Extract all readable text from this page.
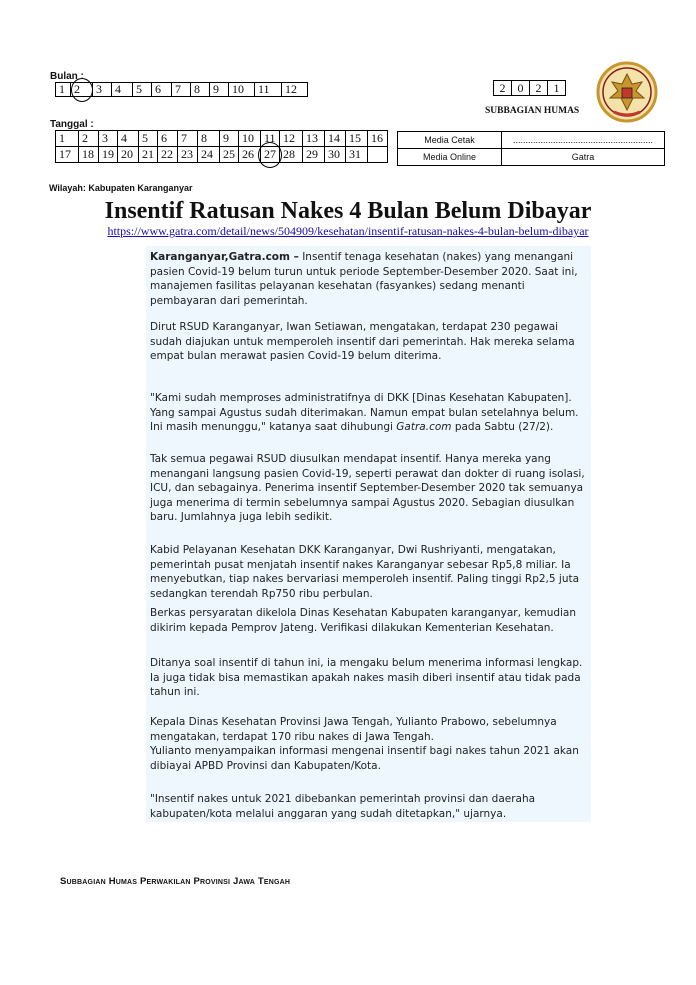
Bulan :
1 2 3 4 5 6 7 8 9 10 11 12
Tanggal :
1	2	3	4	5	6	7	8	9	10	11	12	13	14	15	16
17	18	19	20	21	22	23	24	25	26	27	28	29	30	31	
2	0	2	1
SUBBAGIAN HUMAS
Media Cetak	........................................................
Media Online	Gatra
Wilayah: Kabupaten Karanganyar
Insentif Ratusan Nakes 4 Bulan Belum Dibayar
https://www.gatra.com/detail/news/504909/kesehatan/insentif-ratusan-nakes-4-bulan-belum-dibayar

Karanganyar,Gatra.com – Insentif tenaga kesehatan (nakes) yang menangani pasien Covid-19 belum turun untuk periode September-Desember 2020. Saat ini, manajemen fasilitas pelayanan kesehatan (fasyankes) sedang menanti pembayaran dari pemerintah.

Dirut RSUD Karanganyar, Iwan Setiawan, mengatakan, terdapat 230 pegawai sudah diajukan untuk memperoleh insentif dari pemerintah. Hak mereka selama empat bulan merawat pasien Covid-19 belum diterima.

"Kami sudah memproses administratifnya di DKK [Dinas Kesehatan Kabupaten]. Yang sampai Agustus sudah diterimakan. Namun empat bulan setelahnya belum. Ini masih menunggu," katanya saat dihubungi Gatra.com pada Sabtu (27/2).

Tak semua pegawai RSUD diusulkan mendapat insentif. Hanya mereka yang menangani langsung pasien Covid-19, seperti perawat dan dokter di ruang isolasi, ICU, dan sebagainya. Penerima insentif September-Desember 2020 tak semuanya juga menerima di termin sebelumnya sampai Agustus 2020. Sebagian diusulkan baru. Jumlahnya juga lebih sedikit.

Kabid Pelayanan Kesehatan DKK Karanganyar, Dwi Rushriyanti, mengatakan, pemerintah pusat menjatah insentif nakes Karanganyar sebesar Rp5,8 miliar. Ia menyebutkan, tiap nakes bervariasi memperoleh insentif. Paling tinggi Rp2,5 juta sedangkan terendah Rp750 ribu perbulan.

Berkas persyaratan dikelola Dinas Kesehatan Kabupaten karanganyar, kemudian dikirim kepada Pemprov Jateng. Verifikasi dilakukan Kementerian Kesehatan.

Ditanya soal insentif di tahun ini, ia mengaku belum menerima informasi lengkap. Ia juga tidak bisa memastikan apakah nakes masih diberi insentif atau tidak pada tahun ini.

Kepala Dinas Kesehatan Provinsi Jawa Tengah, Yulianto Prabowo, sebelumnya mengatakan, terdapat 170 ribu nakes di Jawa Tengah.

Yulianto menyampaikan informasi mengenai insentif bagi nakes tahun 2021 akan dibiayai APBD Provinsi dan Kabupaten/Kota.

"Insentif nakes untuk 2021 dibebankan pemerintah provinsi dan daeraha kabupaten/kota melalui anggaran yang sudah ditetapkan," ujarnya.

Subbagian Humas Perwakilan Provinsi Jawa Tengah
